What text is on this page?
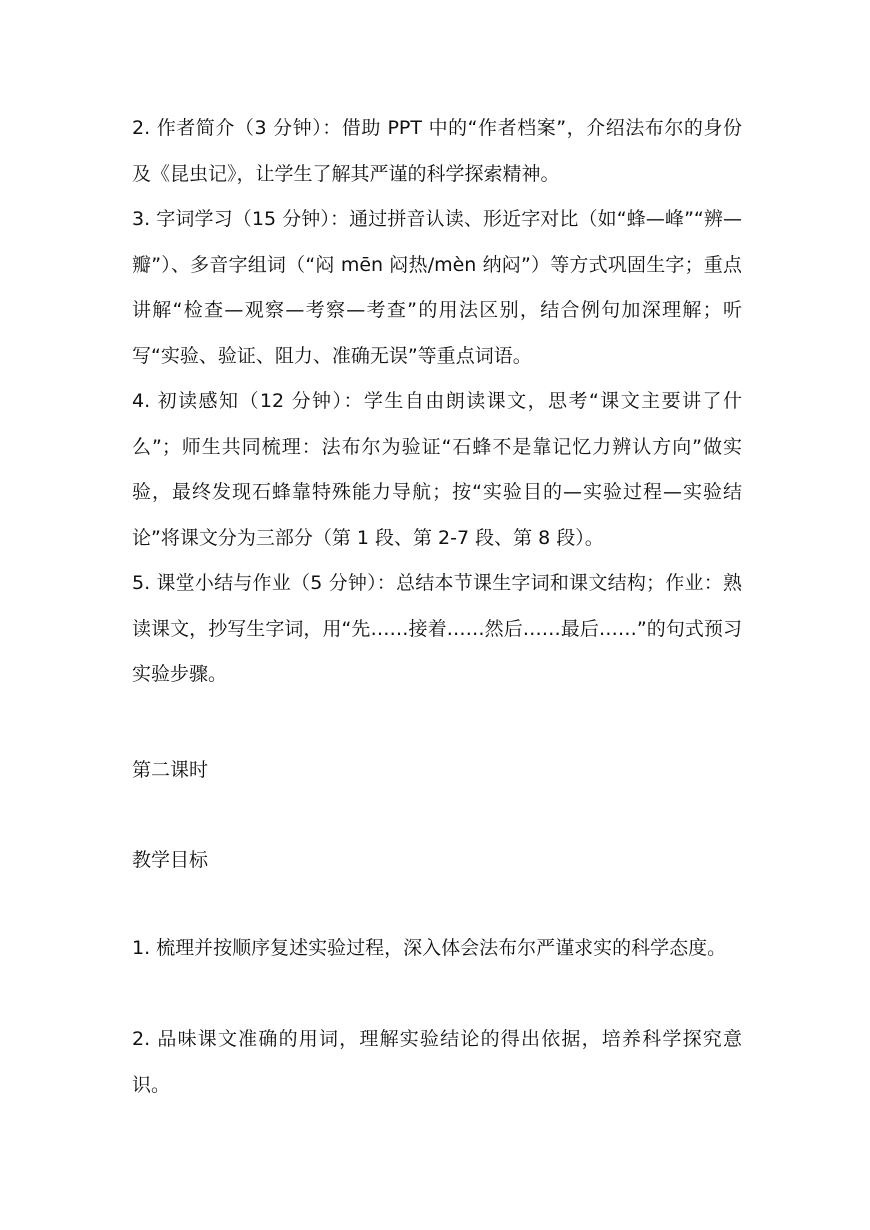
2. 作者简介（3 分钟）：借助 PPT 中的“作者档案”，介绍法布尔的身份及《昆虫记》，让学生了解其严谨的科学探索精神。

3. 字词学习（15 分钟）：通过拼音认读、形近字对比（如“蜂—峰”“辨—瓣”）、多音字组词（“闷 mēn 闷热/mèn 纳闷”）等方式巩固生字；重点讲解“检查—观察—考察—考查”的用法区别，结合例句加深理解；听写“实验、验证、阻力、准确无误”等重点词语。

4. 初读感知（12 分钟）：学生自由朗读课文，思考“课文主要讲了什么”；师生共同梳理：法布尔为验证“石蜂不是靠记忆力辨认方向”做实验，最终发现石蜂靠特殊能力导航；按“实验目的—实验过程—实验结论”将课文分为三部分（第 1 段、第 2-7 段、第 8 段）。

5. 课堂小结与作业（5 分钟）：总结本节课生字词和课文结构；作业：熟读课文，抄写生字词，用“先……接着……然后……最后……”的句式预习实验步骤。

第二课时

教学目标

1. 梳理并按顺序复述实验过程，深入体会法布尔严谨求实的科学态度。

2. 品味课文准确的用词，理解实验结论的得出依据，培养科学探究意识。
